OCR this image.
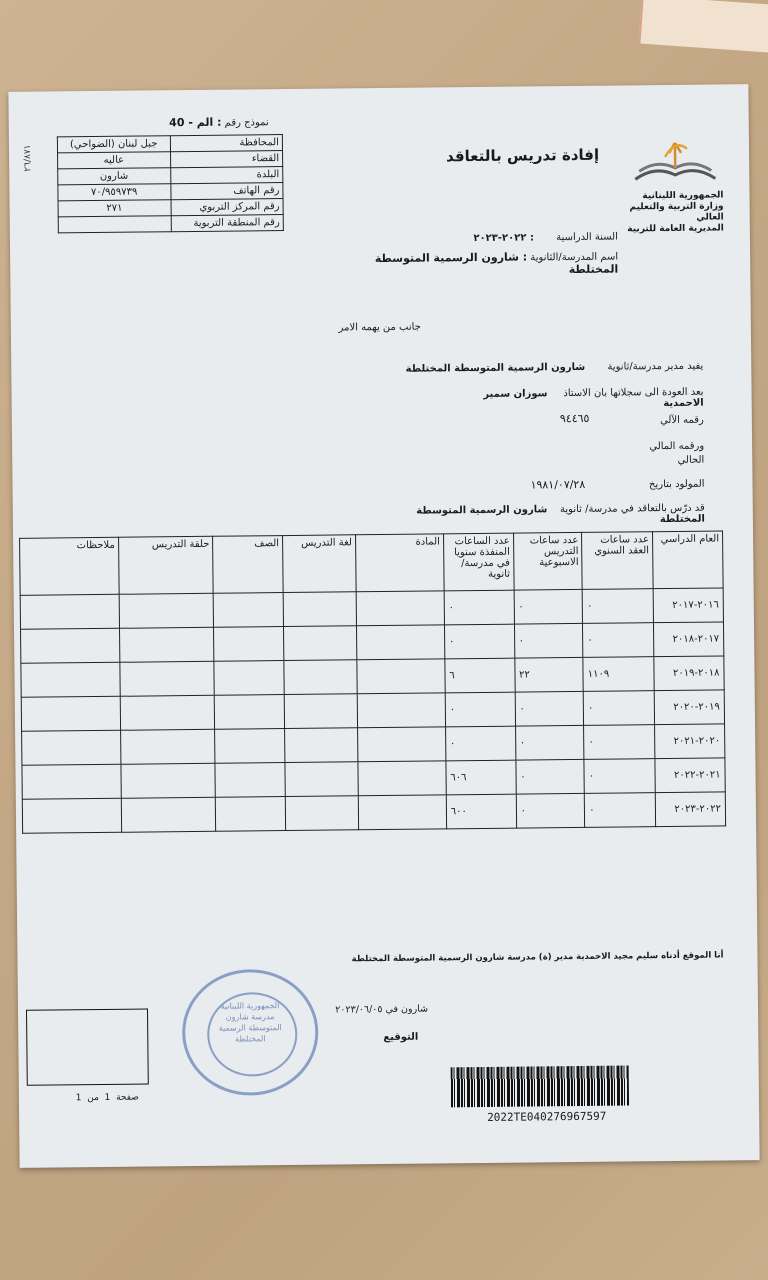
نموذج رقم : الم - 40
٢٦/٨٧١
المحافظة	جبل لبنان (الضواحي)
القضاء	عاليه
البلدة	شارون
رقم الهاتف	٧٠/٩٥٩٧٣٩
رقم المركز التربوي	٢٧١
رقم المنطقة التربوية	
الجمهورية اللبنانية
وزارة التربية والتعليم العالي
المديرية العامة للتربية
إفادة تدريس بالتعاقد
السنة الدراسية       : ٢٠٢٢-٢٠٢٣
اسم المدرسة/الثانوية : شارون الرسمية المتوسطة المختلطة
جانب من يهمه الامر
يفيد مدير مدرسة/ثانوية       شارون الرسمية المتوسطة المختلطة
بعد العودة الى سجلاتها بان الاستاذ     سوزان سمير الاحمدية
رقمه الآلي
٩٤٤٦٥
ورقمه المالي
الحالي
المولود بتاريخ
١٩٨١/٠٧/٢٨
قد درّس بالتعاقد في مدرسة/ ثانوية    شارون الرسمية المتوسطة المختلطة
العام الدراسي	عدد ساعات العقد السنوي	عدد ساعات التدريس الاسبوعية	عدد الساعات المنفذة سنويا في مدرسة/ثانوية	المادة	لغة التدريس	الصف	حلقة التدريس	ملاحظات
٢٠١٦-٢٠١٧	٠	٠	٠					
٢٠١٧-٢٠١٨	٠	٠	٠					
٢٠١٨-٢٠١٩	١١٠٩	٢٢	٦					
٢٠١٩-٢٠٢٠	٠	٠	٠					
٢٠٢٠-٢٠٢١	٠	٠	٠					
٢٠٢١-٢٠٢٢	٠	٠	٦٠٦					
٢٠٢٢-٢٠٢٣	٠	٠	٦٠٠					
أنا الموقع أدناه سليم مجيد الاحمدية مدير (ة) مدرسة شارون الرسمية المتوسطة المختلطة
شارون في ٢٠٢٣/٠٦/٠٥
التوقيع
الجمهورية اللبنانية
مدرسة شارون
المتوسطة الرسمية
المختلطة
صفحة  1  من  1
2022TE040276967597
